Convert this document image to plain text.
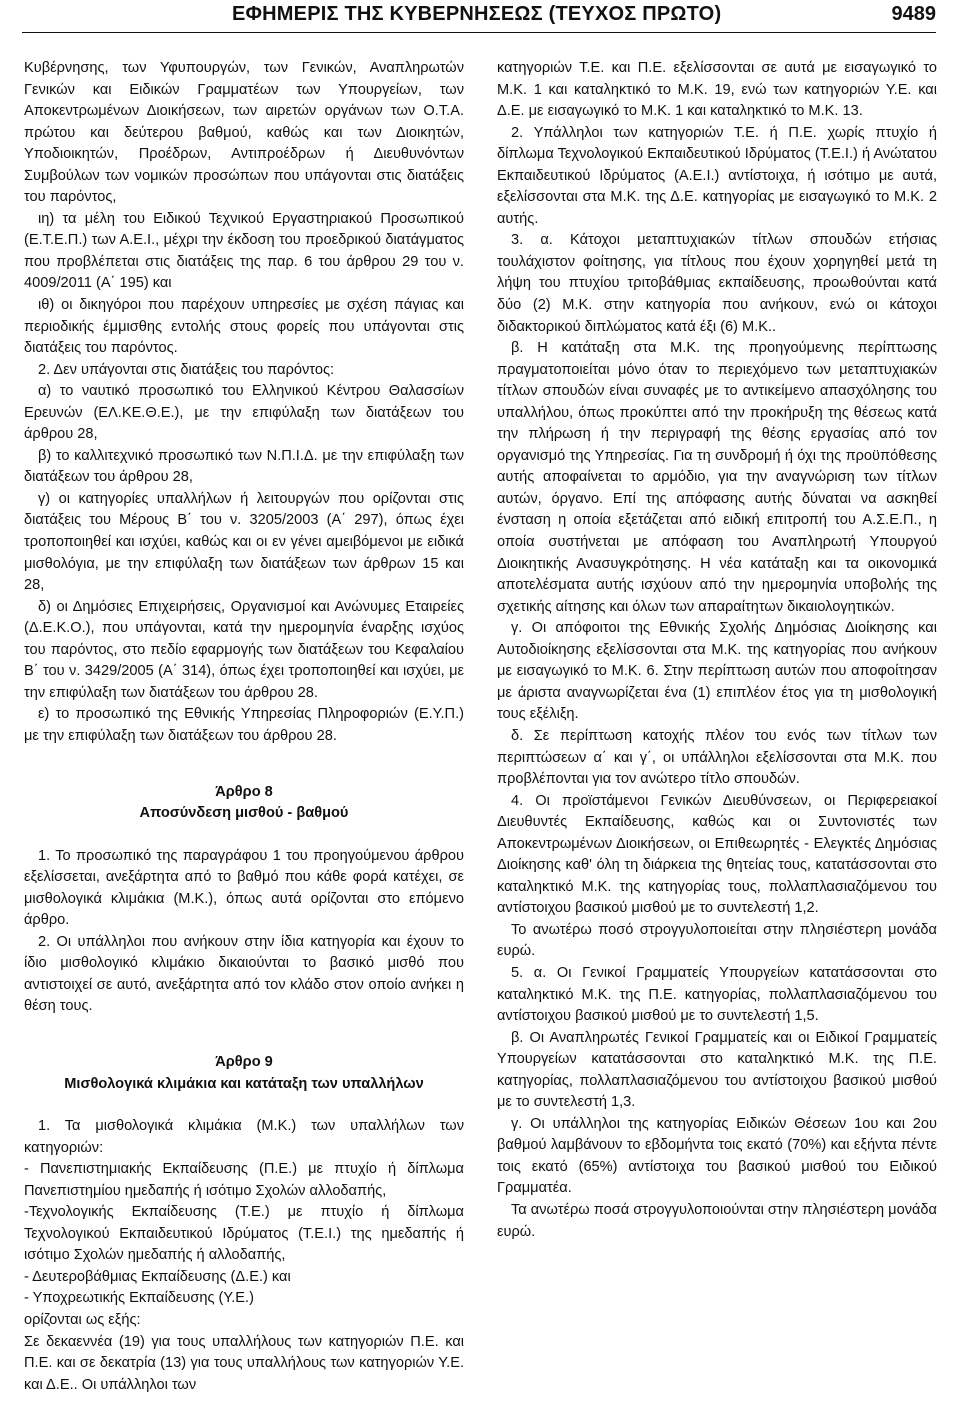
ΕΦΗΜΕΡΙΣ ΤΗΣ ΚΥΒΕΡΝΗΣΕΩΣ (ΤΕΥΧΟΣ ΠΡΩΤΟ)	9489

Κυβέρνησης, των Υφυπουργών, των Γενικών, Αναπληρωτών Γενικών και Ειδικών Γραμματέων των Υπουργείων, των Αποκεντρωμένων Διοικήσεων, των αιρετών οργάνων των Ο.Τ.Α. πρώτου και δεύτερου βαθμού, καθώς και των Διοικητών, Υποδιοικητών, Προέδρων, Αντιπροέδρων ή Διευθυνόντων Συμβούλων των νομικών προσώπων που υπάγονται στις διατάξεις του παρόντος,

ιη) τα μέλη του Ειδικού Τεχνικού Εργαστηριακού Προσωπικού (Ε.Τ.Ε.Π.) των Α.Ε.Ι., μέχρι την έκδοση του προεδρικού διατάγματος που προβλέπεται στις διατάξεις της παρ. 6 του άρθρου 29 του ν. 4009/2011 (Α΄ 195) και

ιθ) οι δικηγόροι που παρέχουν υπηρεσίες με σχέση πάγιας και περιοδικής έμμισθης εντολής στους φορείς που υπάγονται στις διατάξεις του παρόντος.

2. Δεν υπάγονται στις διατάξεις του παρόντος:

α) το ναυτικό προσωπικό του Ελληνικού Κέντρου Θαλασσίων Ερευνών (ΕΛ.ΚΕ.Θ.Ε.), με την επιφύλαξη των διατάξεων του άρθρου 28,

β) το καλλιτεχνικό προσωπικό των Ν.Π.Ι.Δ. με την επιφύλαξη των διατάξεων του άρθρου 28,

γ) οι κατηγορίες υπαλλήλων ή λειτουργών που ορίζονται στις διατάξεις του Μέρους Β΄ του ν. 3205/2003 (Α΄ 297), όπως έχει τροποποιηθεί και ισχύει, καθώς και οι εν γένει αμειβόμενοι με ειδικά μισθολόγια, με την επιφύλαξη των διατάξεων των άρθρων 15 και 28,

δ) οι Δημόσιες Επιχειρήσεις, Οργανισμοί και Ανώνυμες Εταιρείες (Δ.Ε.Κ.Ο.), που υπάγονται, κατά την ημερομηνία έναρξης ισχύος του παρόντος, στο πεδίο εφαρμογής των διατάξεων του Κεφαλαίου Β΄ του ν. 3429/2005 (Α΄ 314), όπως έχει τροποποιηθεί και ισχύει, με την επιφύλαξη των διατάξεων του άρθρου 28.

ε) το προσωπικό της Εθνικής Υπηρεσίας Πληροφοριών (Ε.Υ.Π.) με την επιφύλαξη των διατάξεων του άρθρου 28.

Άρθρο 8

Αποσύνδεση μισθού - βαθμού

1. Το προσωπικό της παραγράφου 1 του προηγούμενου άρθρου εξελίσσεται, ανεξάρτητα από το βαθμό που κάθε φορά κατέχει, σε μισθολογικά κλιμάκια (Μ.Κ.), όπως αυτά ορίζονται στο επόμενο άρθρο.

2. Οι υπάλληλοι που ανήκουν στην ίδια κατηγορία και έχουν το ίδιο μισθολογικό κλιμάκιο δικαιούνται το βασικό μισθό που αντιστοιχεί σε αυτό, ανεξάρτητα από τον κλάδο στον οποίο ανήκει η θέση τους.

Άρθρο 9

Μισθολογικά κλιμάκια και κατάταξη των υπαλλήλων

1. Τα μισθολογικά κλιμάκια (Μ.Κ.) των υπαλλήλων των κατηγοριών:

- Πανεπιστημιακής Εκπαίδευσης (Π.Ε.) με πτυχίο ή δίπλωμα Πανεπιστημίου ημεδαπής ή ισότιμο Σχολών αλλοδαπής,

-Τεχνολογικής Εκπαίδευσης (Τ.Ε.) με πτυχίο ή δίπλωμα Τεχνολογικού Εκπαιδευτικού Ιδρύματος (Τ.Ε.Ι.) της ημεδαπής ή ισότιμο Σχολών ημεδαπής ή αλλοδαπής,

- Δευτεροβάθμιας Εκπαίδευσης (Δ.Ε.) και

- Υποχρεωτικής Εκπαίδευσης (Υ.Ε.)

ορίζονται ως εξής:

Σε δεκαεννέα (19) για τους υπαλλήλους των κατηγοριών Π.Ε. και Π.Ε. και σε δεκατρία (13) για τους υπαλλήλους των κατηγοριών Υ.Ε. και Δ.Ε.. Οι υπάλληλοι των

κατηγοριών Τ.Ε. και Π.Ε. εξελίσσονται σε αυτά με εισαγωγικό το Μ.Κ. 1 και καταληκτικό το Μ.Κ. 19, ενώ των κατηγοριών Υ.Ε. και Δ.Ε. με εισαγωγικό το Μ.Κ. 1 και καταληκτικό το Μ.Κ. 13.

2. Υπάλληλοι των κατηγοριών Τ.Ε. ή Π.Ε. χωρίς πτυχίο ή δίπλωμα Τεχνολογικού Εκπαιδευτικού Ιδρύματος (Τ.Ε.Ι.) ή Ανώτατου Εκπαιδευτικού Ιδρύματος (Α.Ε.Ι.) αντίστοιχα, ή ισότιμο με αυτά, εξελίσσονται στα Μ.Κ. της Δ.Ε. κατηγορίας με εισαγωγικό το Μ.Κ. 2 αυτής.

3. α. Κάτοχοι μεταπτυχιακών τίτλων σπουδών ετήσιας τουλάχιστον φοίτησης, για τίτλους που έχουν χορηγηθεί μετά τη λήψη του πτυχίου τριτοβάθμιας εκπαίδευσης, προωθούνται κατά δύο (2) Μ.Κ. στην κατηγορία που ανήκουν, ενώ οι κάτοχοι διδακτορικού διπλώματος κατά έξι (6) Μ.Κ..

β. Η κατάταξη στα Μ.Κ. της προηγούμενης περίπτωσης πραγματοποιείται μόνο όταν το περιεχόμενο των μεταπτυχιακών τίτλων σπουδών είναι συναφές με το αντικείμενο απασχόλησης του υπαλλήλου, όπως προκύπτει από την προκήρυξη της θέσεως κατά την πλήρωση ή την περιγραφή της θέσης εργασίας από τον οργανισμό της Υπηρεσίας. Για τη συνδρομή ή όχι της προϋπόθεσης αυτής αποφαίνεται το αρμόδιο, για την αναγνώριση των τίτλων αυτών, όργανο. Επί της απόφασης αυτής δύναται να ασκηθεί ένσταση η οποία εξετάζεται από ειδική επιτροπή του Α.Σ.Ε.Π., η οποία συστήνεται με απόφαση του Αναπληρωτή Υπουργού Διοικητικής Ανασυγκρότησης. Η νέα κατάταξη και τα οικονομικά αποτελέσματα αυτής ισχύουν από την ημερομηνία υποβολής της σχετικής αίτησης και όλων των απαραίτητων δικαιολογητικών.

γ. Οι απόφοιτοι της Εθνικής Σχολής Δημόσιας Διοίκησης και Αυτοδιοίκησης εξελίσσονται στα Μ.Κ. της κατηγορίας που ανήκουν με εισαγωγικό το Μ.Κ. 6. Στην περίπτωση αυτών που αποφοίτησαν με άριστα αναγνωρίζεται ένα (1) επιπλέον έτος για τη μισθολογική τους εξέλιξη.

δ. Σε περίπτωση κατοχής πλέον του ενός των τίτλων των περιπτώσεων α΄ και γ΄, οι υπάλληλοι εξελίσσονται στα Μ.Κ. που προβλέπονται για τον ανώτερο τίτλο σπουδών.

4. Οι προϊστάμενοι Γενικών Διευθύνσεων, οι Περιφερειακοί Διευθυντές Εκπαίδευσης, καθώς και οι Συντονιστές των Αποκεντρωμένων Διοικήσεων, οι Επιθεωρητές - Ελεγκτές Δημόσιας Διοίκησης καθ' όλη τη διάρκεια της θητείας τους, κατατάσσονται στο καταληκτικό Μ.Κ. της κατηγορίας τους, πολλαπλασιαζόμενου του αντίστοιχου βασικού μισθού με το συντελεστή 1,2.

Το ανωτέρω ποσό στρογγυλοποιείται στην πλησιέστερη μονάδα ευρώ.

5. α. Οι Γενικοί Γραμματείς Υπουργείων κατατάσσονται στο καταληκτικό Μ.Κ. της Π.Ε. κατηγορίας, πολλαπλασιαζόμενου του αντίστοιχου βασικού μισθού με το συντελεστή 1,5.

β. Οι Αναπληρωτές Γενικοί Γραμματείς και οι Ειδικοί Γραμματείς Υπουργείων κατατάσσονται στο καταληκτικό Μ.Κ. της Π.Ε. κατηγορίας, πολλαπλασιαζόμενου του αντίστοιχου βασικού μισθού με το συντελεστή 1,3.

γ. Οι υπάλληλοι της κατηγορίας Ειδικών Θέσεων 1ου και 2ου βαθμού λαμβάνουν το εβδομήντα τοις εκατό (70%) και εξήντα πέντε τοις εκατό (65%) αντίστοιχα του βασικού μισθού του Ειδικού Γραμματέα.

Τα ανωτέρω ποσά στρογγυλοποιούνται στην πλησιέστερη μονάδα ευρώ.
